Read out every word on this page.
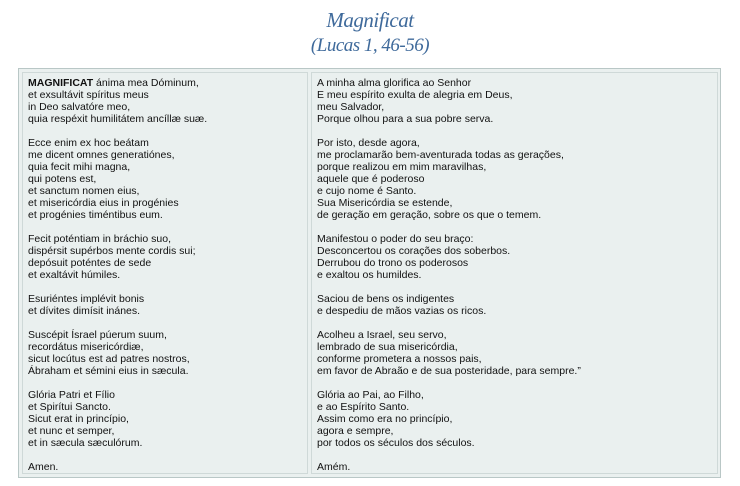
Magnificat
(Lucas 1, 46-56)
MAGNIFICAT ánima mea Dóminum,
et exsultávit spíritus meus
in Deo salvatóre meo,
quia respéxit humilitátem ancíllæ suæ.
Ecce enim ex hoc beátam
me dicent omnes generatiónes,
quia fecit mihi magna,
qui potens est,
et sanctum nomen eius,
et misericórdia eius in progénies
et progénies timéntibus eum.
Fecit poténtiam in bráchio suo,
dispérsit supérbos mente cordis sui;
depósuit poténtes de sede
et exaltávit húmiles.
Esuriéntes implévit bonis
et dívites dimísit inánes.
Suscépit Ísrael púerum suum,
recordátus misericórdiæ,
sicut locútus est ad patres nostros,
Ábraham et sémini eius in sæcula.
Glória Patri et Fílio
et Spirítui Sancto.
Sicut erat in princípio,
et nunc et semper,
et in sæcula sæculórum.
Amen.
A minha alma glorifica ao Senhor
E meu espírito exulta de alegria em Deus,
meu Salvador,
Porque olhou para a sua pobre serva.
Por isto, desde agora,
me proclamarão bem-aventurada todas as gerações,
porque realizou em mim maravilhas,
aquele que é poderoso
e cujo nome é Santo.
Sua Misericórdia se estende,
de geração em geração, sobre os que o temem.
Manifestou o poder do seu braço:
Desconcertou os corações dos soberbos.
Derrubou do trono os poderosos
e exaltou os humildes.
Saciou de bens os indigentes
e despediu de mãos vazias os ricos.
Acolheu a Israel, seu servo,
lembrado de sua misericórdia,
conforme prometera a nossos pais,
em favor de Abraão e de sua posteridade, para sempre.”
Glória ao Pai, ao Filho,
e ao Espírito Santo.
Assim como era no princípio,
agora e sempre,
por todos os séculos dos séculos.
Amém.
